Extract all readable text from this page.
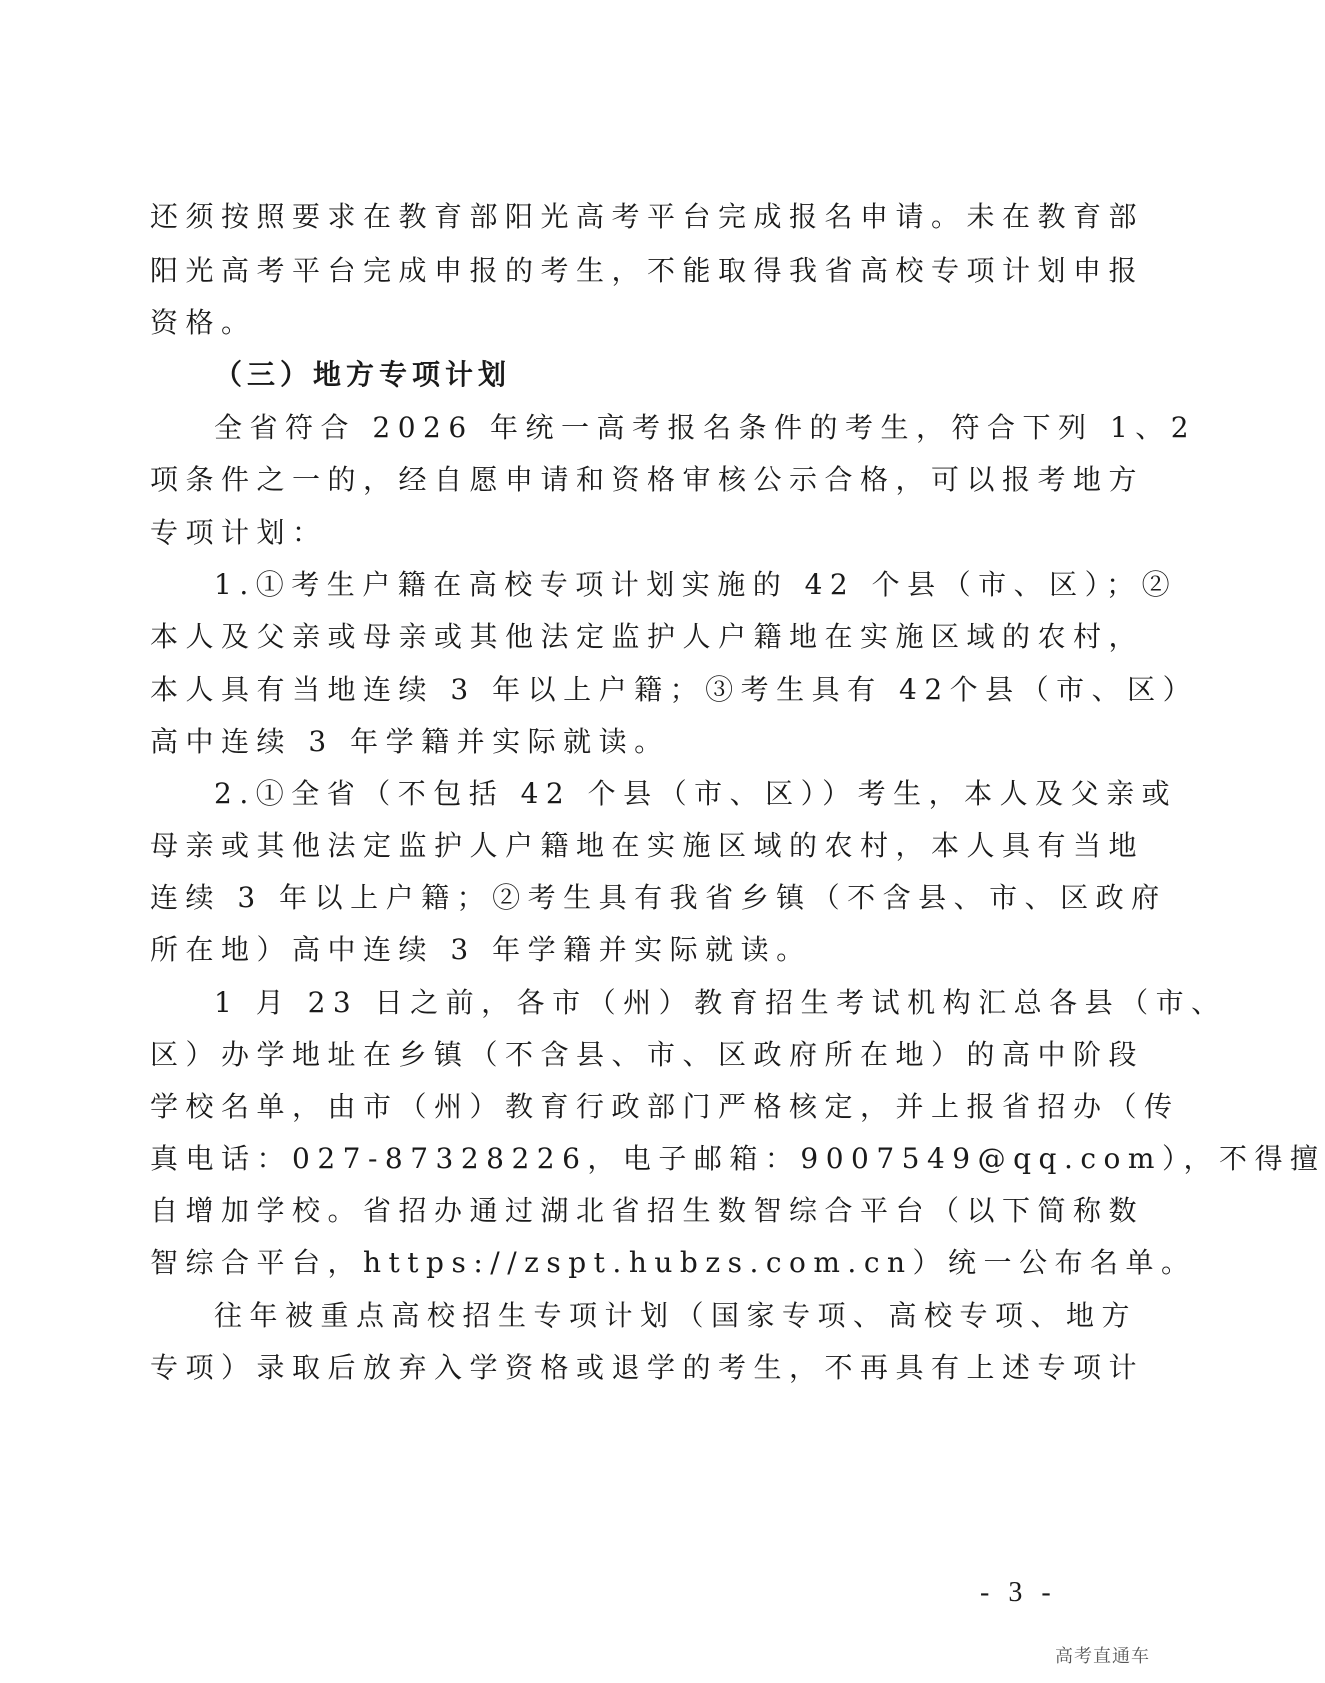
还须按照要求在教育部阳光高考平台完成报名申请。未在教育部
阳光高考平台完成申报的考生，不能取得我省高校专项计划申报
资格。
（三）地方专项计划
全省符合 2026 年统一高考报名条件的考生，符合下列 1、2
项条件之一的，经自愿申请和资格审核公示合格，可以报考地方
专项计划：
1.①考生户籍在高校专项计划实施的 42 个县（市、区）；②
本人及父亲或母亲或其他法定监护人户籍地在实施区域的农村，
本人具有当地连续 3 年以上户籍；③考生具有 42个县（市、区）
高中连续 3 年学籍并实际就读。
2.①全省（不包括 42 个县（市、区））考生，本人及父亲或
母亲或其他法定监护人户籍地在实施区域的农村，本人具有当地
连续 3 年以上户籍；②考生具有我省乡镇（不含县、市、区政府
所在地）高中连续 3 年学籍并实际就读。
1 月 23 日之前，各市（州）教育招生考试机构汇总各县（市、
区）办学地址在乡镇（不含县、市、区政府所在地）的高中阶段
学校名单，由市（州）教育行政部门严格核定，并上报省招办（传
真电话：027-87328226，电子邮箱：9007549@qq.com），不得擅
自增加学校。省招办通过湖北省招生数智综合平台（以下简称数
智综合平台，https://zspt.hubzs.com.cn）统一公布名单。
往年被重点高校招生专项计划（国家专项、高校专项、地方
专项）录取后放弃入学资格或退学的考生，不再具有上述专项计
- 3 -
高考直通车
